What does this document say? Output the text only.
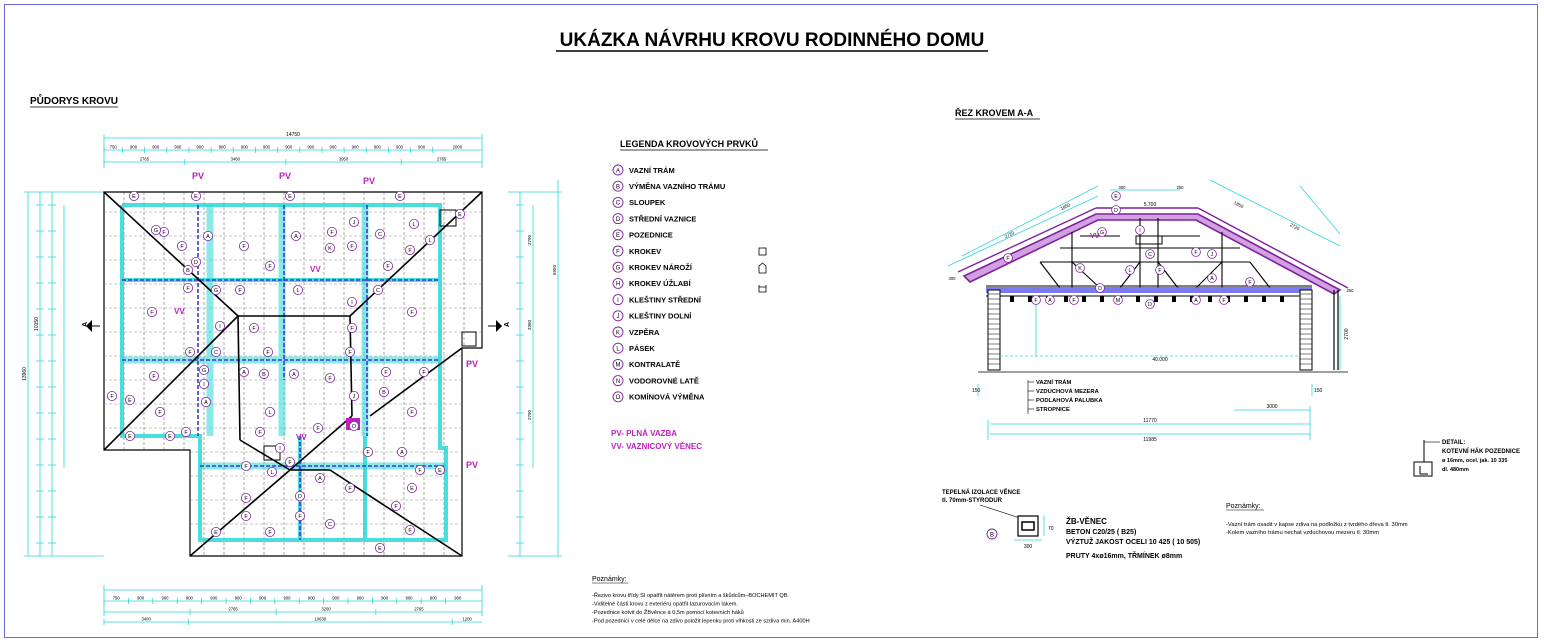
UKÁZKA NÁVRHU KROVU RODINNÉHO DOMU
PŮDORYS KROVU
14750
750	900	900	900	900	900	900	900	900	900	900	900	900	900	900	2000
2765	3460	3950	2765
PV	PV	PV
PV
PV
13960
10150
2790
3360
2790
6950
750	900	900	900	900	900	900	900	900	900	900	900	900	900	900
2765	3200	2765
3400	10630	1200
A	A
VV
VV
VV
E	E	E	E
F
A
F
D
B
F
F
A
F
K	F
J	L
E
C
F
F
L
G
F	G	F	L	C
I
F
F
I	F	F
F	F
C
F
F
A	B	A
F
F	F
I
G
F
A
F
E
B
L
J
F
O
F
F	F
I
F
F
A
F
F	E
L
A
F	E
D
F
E	F
C
F
F
E
F
F
E	E
LEGENDA KROVOVÝCH PRVKŮ
A VAZNÍ TRÁM
B VÝMĚNA VAZNÍHO TRÁMU
C SLOUPEK
D STŘEDNÍ VAZNICE
E POZEDNICE
F KROKEV
G KROKEV NÁROŽÍ
H KROKEV ÚŽLABÍ
I KLEŠTINY STŘEDNÍ
J KLEŠTINY DOLNÍ
K VZPĚRA
L PÁSEK
M KONTRALATĚ
N VODOROVNÉ LATĚ
O KOMÍNOVÁ VÝMĚNA
PV- PLNÁ VAZBA
VV- VAZNICOVÝ VĚNEC
Poznámky:
-Řezivo krovu třídy SI opatřit nátěrem proti plísním a škůdcům–BOCHEMIT QB.
-Viditelné části krovu z exteriéru opatřit lazurovacím lakem.
-Pozednice kotvit do ŽBvěnce á 0,5m pomocí kotevních háků
-Pod pozednicí v celé délce na zdivo položit lepenku proti vlhkosti ze szdiva min. A400H
ŘEZ KROVEM A-A
2720
1850	1850
2720
300
300	250
250
11770
11985
3000
2700
40.000
5.700
150	150
VAZNÍ TRÁM
VZDUCHOVÁ MEZERA
PODLAHOVÁ PALUBKA
STROPNICE
E
D
F
G	I
C	F J
K
D
F A	F	M
D
A	F
F
L	F
A
VV
DETAIL:
KOTEVNÍ HÁK POZEDNICE
ø 16mm, ocel. jak. 10 335
dl. 480mm
TEPELNÁ IZOLACE VĚNCE
tl. 70mm-STYRODUR
300
70
B
ŽB-VĚNEC
BETON C20/25 ( B25)
VÝZTUŽ JAKOST OCELI 10 425 ( 10 505)
PRUTY 4xø16mm, TŘMÍNEK ø8mm
Poznámky:
-Vazní trám osadit v kapse zdiva na podložku z tvrdého dřeva tl. 30mm
-Kolem vazního trámu nechat vzduchovou mezeru tl. 30mm
